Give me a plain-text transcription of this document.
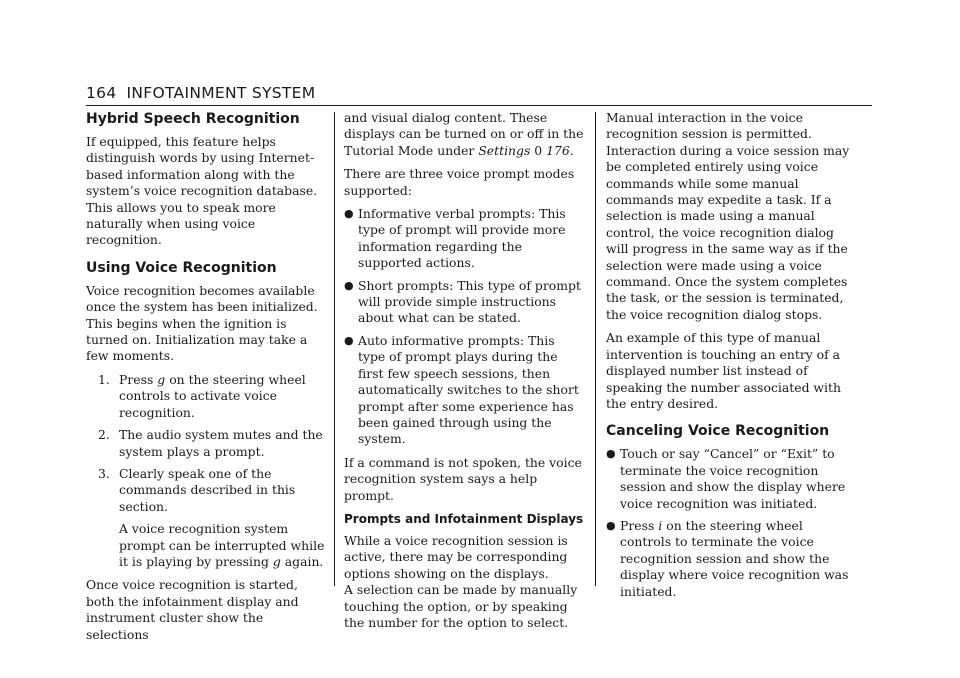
164 INFOTAINMENT SYSTEM
Hybrid Speech Recognition

If equipped, this feature helps distinguish words by using Internet-based information along with the system’s voice recognition database. This allows you to speak more naturally when using voice recognition.

Using Voice Recognition

Voice recognition becomes available once the system has been initialized. This begins when the ignition is turned on. Initialization may take a few moments.

1. Press g on the steering wheel controls to activate voice recognition.
2. The audio system mutes and the system plays a prompt.
3. Clearly speak one of the commands described in this section.

A voice recognition system prompt can be interrupted while it is playing by pressing g again.

Once voice recognition is started, both the infotainment display and instrument cluster show the selections

and visual dialog content. These displays can be turned on or off in the Tutorial Mode under Settings 0 176.

There are three voice prompt modes supported:

● Informative verbal prompts: This type of prompt will provide more information regarding the supported actions.
● Short prompts: This type of prompt will provide simple instructions about what can be stated.
● Auto informative prompts: This type of prompt plays during the first few speech sessions, then automatically switches to the short prompt after some experience has been gained through using the system.

If a command is not spoken, the voice recognition system says a help prompt.

Prompts and Infotainment Displays

While a voice recognition session is active, there may be corresponding options showing on the displays.

A selection can be made by manually touching the option, or by speaking the number for the option to select.

Manual interaction in the voice recognition session is permitted. Interaction during a voice session may be completed entirely using voice commands while some manual commands may expedite a task. If a selection is made using a manual control, the voice recognition dialog will progress in the same way as if the selection were made using a voice command. Once the system completes the task, or the session is terminated, the voice recognition dialog stops.

An example of this type of manual intervention is touching an entry of a displayed number list instead of speaking the number associated with the entry desired.

Canceling Voice Recognition
● Touch or say “Cancel” or “Exit” to terminate the voice recognition session and show the display where voice recognition was initiated.
● Press i on the steering wheel controls to terminate the voice recognition session and show the display where voice recognition was initiated.
